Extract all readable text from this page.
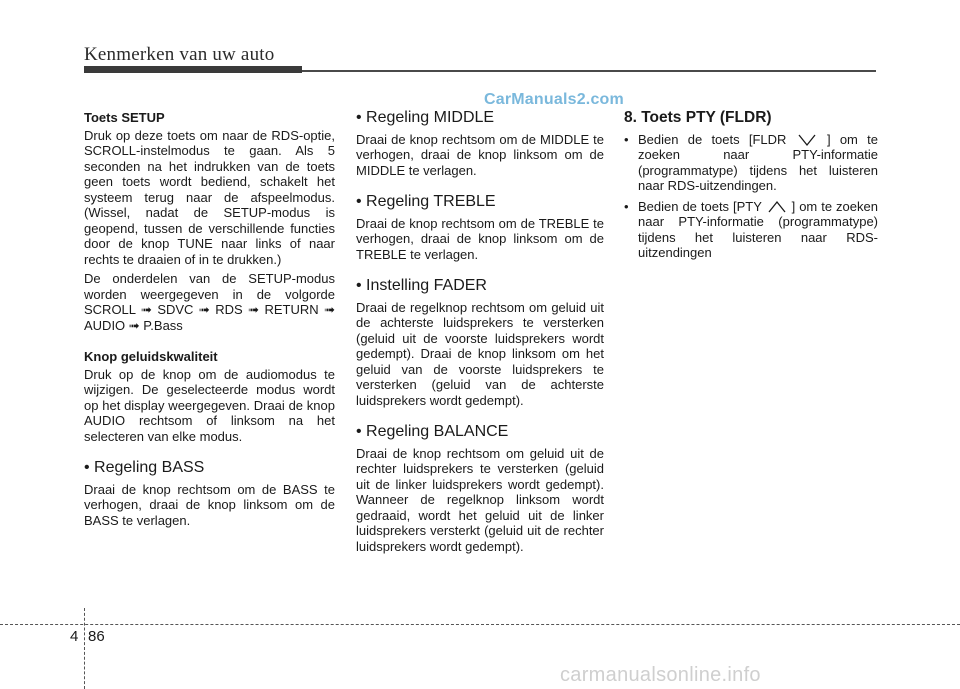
Kenmerken van uw auto
CarManuals2.com
Toets SETUP

Druk op deze toets om naar de RDS-optie, SCROLL-instelmodus te gaan. Als 5 seconden na het indrukken van de toets geen toets wordt bediend, schakelt het systeem terug naar de afspeelmodus. (Wissel, nadat de SETUP-modus is geopend, tussen de verschillende functies door de knop TUNE naar links of naar rechts te draaien of in te drukken.)

De onderdelen van de SETUP-modus worden weergegeven in de volgorde SCROLL ➟ SDVC ➟ RDS ➟ RETURN ➟ AUDIO ➟ P.Bass

Knop geluidskwaliteit

Druk op de knop om de audiomodus te wijzigen. De geselecteerde modus wordt op het display weergegeven. Draai de knop AUDIO rechtsom of linksom na het selecteren van elke modus.

• Regeling BASS

Draai de knop rechtsom om de BASS te verhogen, draai de knop linksom om de BASS te verlagen.

• Regeling MIDDLE

Draai de knop rechtsom om de MIDDLE te verhogen, draai de knop linksom om de MIDDLE te verlagen.

• Regeling TREBLE

Draai de knop rechtsom om de TREBLE te verhogen, draai de knop linksom om de TREBLE te verlagen.

• Instelling FADER

Draai de regelknop rechtsom om geluid uit de achterste luidsprekers te versterken (geluid uit de voorste luidsprekers wordt gedempt). Draai de knop linksom om het geluid van de voorste luidsprekers te versterken (geluid van de achterste luidsprekers wordt gedempt).

• Regeling BALANCE

Draai de knop rechtsom om geluid uit de rechter luidsprekers te versterken (geluid uit de linker luidsprekers wordt gedempt). Wanneer de regelknop linksom wordt gedraaid, wordt het geluid uit de linker luidsprekers versterkt (geluid uit de rechter luidsprekers wordt gedempt).

8. Toets PTY (FLDR)
• Bedien de toets [FLDR	] om te zoeken naar PTY-informatie (programmatype) tijdens het luisteren naar RDS-uitzendingen.
• Bedien de toets [PTY ] om te zoeken naar PTY-informatie (programmatype) tijdens het luisteren naar RDS-uitzendingen
4 86
carmanualsonline.info
